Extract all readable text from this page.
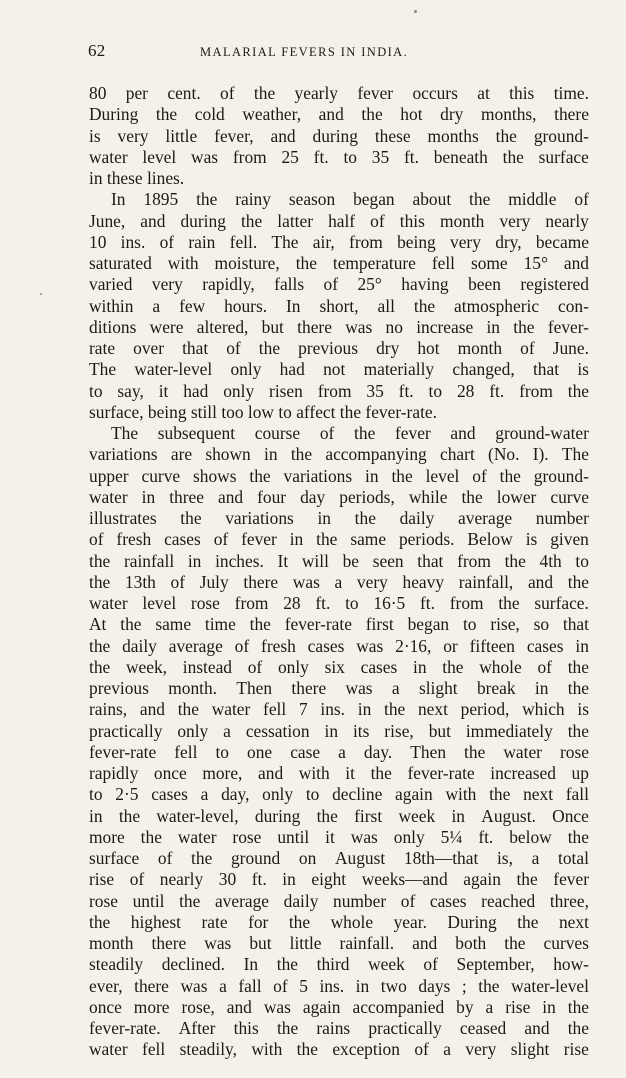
62	MALARIAL FEVERS IN INDIA.
80 per cent. of the yearly fever occurs at this time.
During the cold weather, and the hot dry months, there
is very little fever, and during these months the ground-
water level was from 25 ft. to 35 ft. beneath the surface
in these lines.
In 1895 the rainy season began about the middle of
June, and during the latter half of this month very nearly
10 ins. of rain fell. The air, from being very dry, became
saturated with moisture, the temperature fell some 15° and
varied very rapidly, falls of 25° having been registered
within a few hours. In short, all the atmospheric con-
ditions were altered, but there was no increase in the fever-
rate over that of the previous dry hot month of June.
The water-level only had not materially changed, that is
to say, it had only risen from 35 ft. to 28 ft. from the
surface, being still too low to affect the fever-rate.
The subsequent course of the fever and ground-water
variations are shown in the accompanying chart (No. I). The
upper curve shows the variations in the level of the ground-
water in three and four day periods, while the lower curve
illustrates the variations in the daily average number
of fresh cases of fever in the same periods. Below is given
the rainfall in inches. It will be seen that from the 4th to
the 13th of July there was a very heavy rainfall, and the
water level rose from 28 ft. to 16·5 ft. from the surface.
At the same time the fever-rate first began to rise, so that
the daily average of fresh cases was 2·16, or fifteen cases in
the week, instead of only six cases in the whole of the
previous month. Then there was a slight break in the
rains, and the water fell 7 ins. in the next period, which is
practically only a cessation in its rise, but immediately the
fever-rate fell to one case a day. Then the water rose
rapidly once more, and with it the fever-rate increased up
to 2·5 cases a day, only to decline again with the next fall
in the water-level, during the first week in August. Once
more the water rose until it was only 5¼ ft. below the
surface of the ground on August 18th—that is, a total
rise of nearly 30 ft. in eight weeks—and again the fever
rose until the average daily number of cases reached three,
the highest rate for the whole year. During the next
month there was but little rainfall. and both the curves
steadily declined. In the third week of September, how-
ever, there was a fall of 5 ins. in two days ; the water-level
once more rose, and was again accompanied by a rise in the
fever-rate. After this the rains practically ceased and the
water fell steadily, with the exception of a very slight rise
